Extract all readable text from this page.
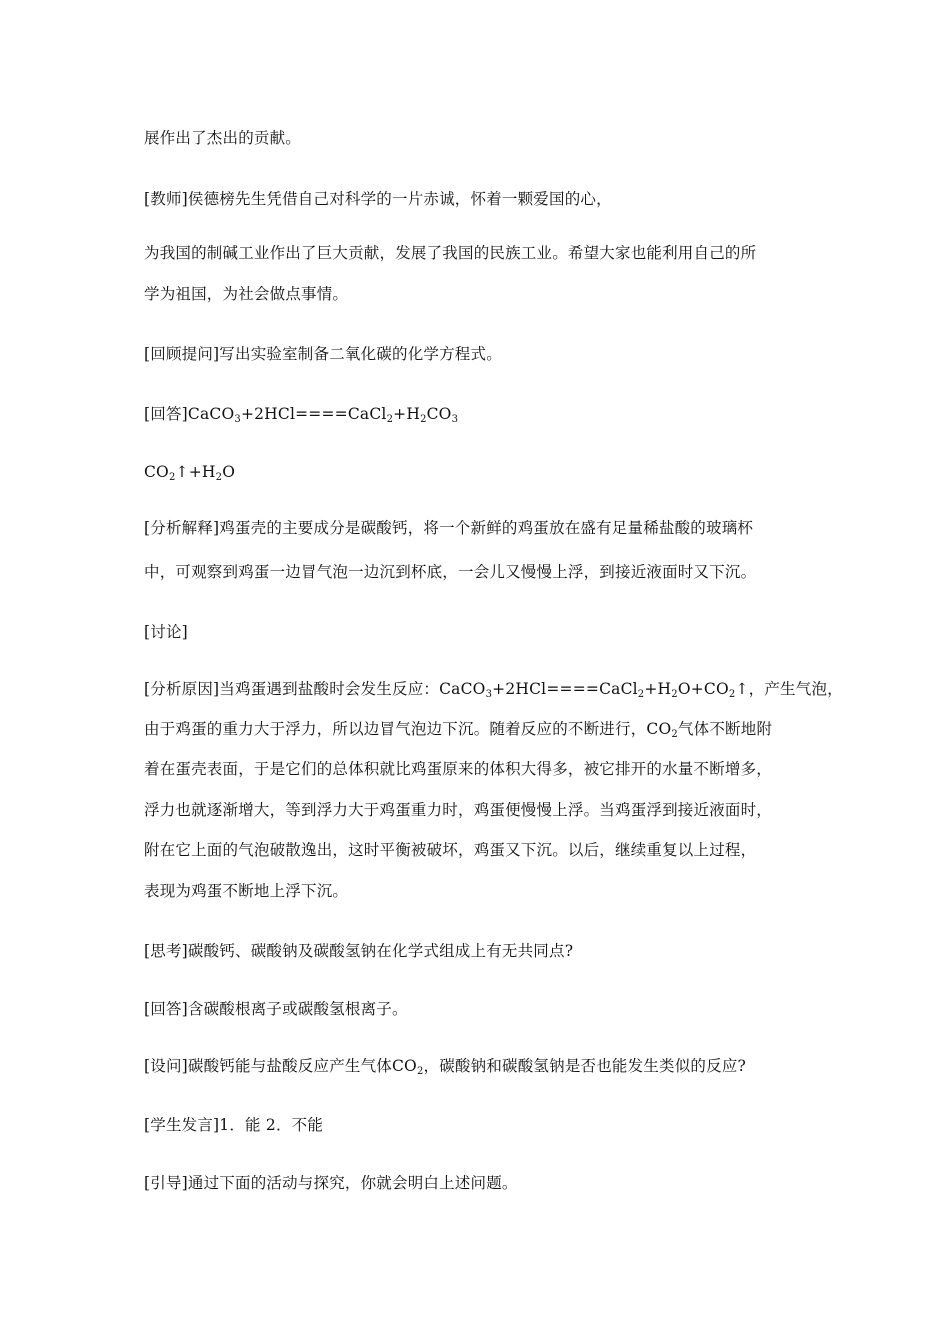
展作出了杰出的贡献。
[教师]侯德榜先生凭借自己对科学的一片赤诚，怀着一颗爱国的心，
为我国的制碱工业作出了巨大贡献，发展了我国的民族工业。希望大家也能利用自己的所
学为祖国，为社会做点事情。
[回顾提问]写出实验室制备二氧化碳的化学方程式。
[回答]$CaCO_3+2HCl====CaCl_2+H_2CO_3$
$CO_2↑+H_2O$
[分析解释]鸡蛋壳的主要成分是碳酸钙，将一个新鲜的鸡蛋放在盛有足量稀盐酸的玻璃杯
中，可观察到鸡蛋一边冒气泡一边沉到杯底，一会儿又慢慢上浮，到接近液面时又下沉。
[讨论]
[分析原因]当鸡蛋遇到盐酸时会发生反应：$CaCO_3+2HCl====CaCl_2+H_2O+CO_2↑$，产生气泡，
由于鸡蛋的重力大于浮力，所以边冒气泡边下沉。随着反应的不断进行，$CO_2$气体不断地附
着在蛋壳表面，于是它们的总体积就比鸡蛋原来的体积大得多，被它排开的水量不断增多，
浮力也就逐渐增大，等到浮力大于鸡蛋重力时，鸡蛋便慢慢上浮。当鸡蛋浮到接近液面时，
附在它上面的气泡破散逸出，这时平衡被破坏，鸡蛋又下沉。以后，继续重复以上过程，
表现为鸡蛋不断地上浮下沉。
[思考]碳酸钙、碳酸钠及碳酸氢钠在化学式组成上有无共同点?
[回答]含碳酸根离子或碳酸氢根离子。
[设问]碳酸钙能与盐酸反应产生气体$CO_2$，碳酸钠和碳酸氢钠是否也能发生类似的反应?
[学生发言]1．能 2．不能
[引导]通过下面的活动与探究，你就会明白上述问题。
